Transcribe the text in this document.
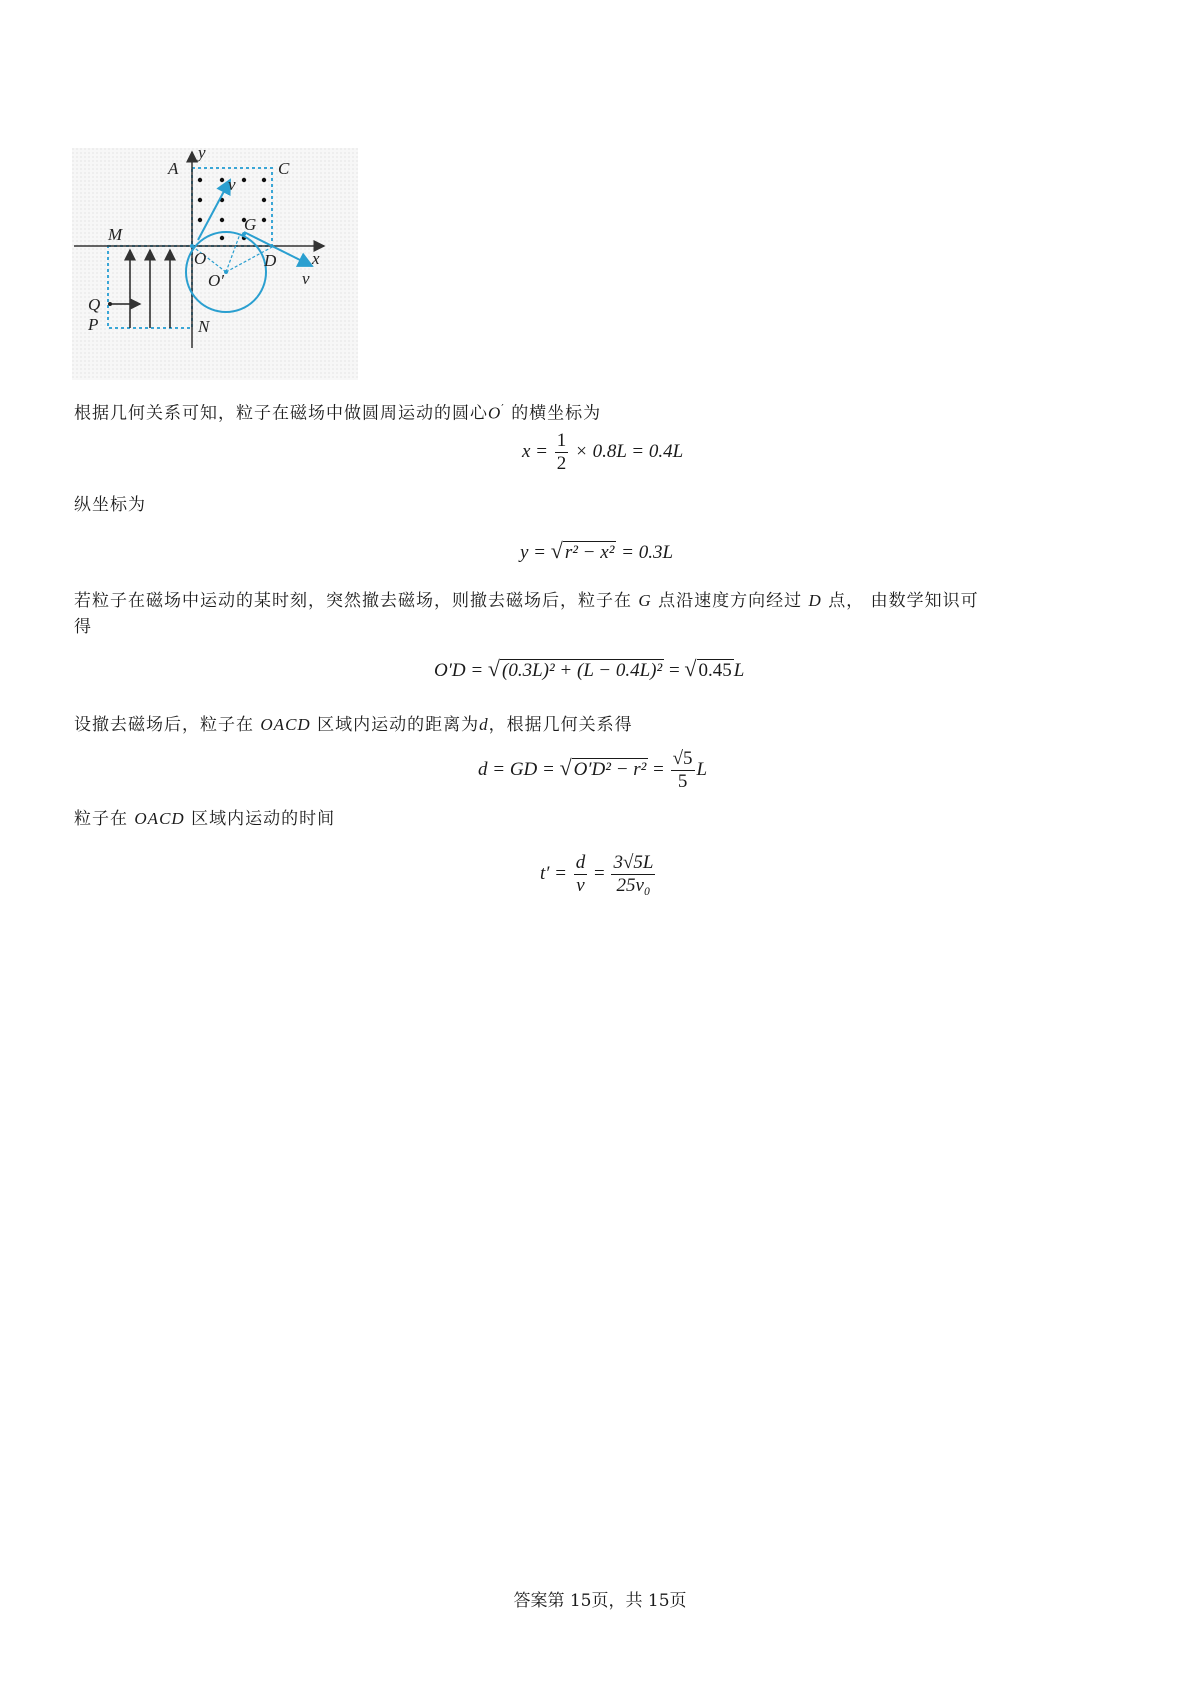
A	C
y
x
M
O
O′
D
G
v
v
Q
P	N
根据几何关系可知，粒子在磁场中做圆周运动的圆心O′ 的横坐标为
$x = \frac{1}{2} \times 0.8L = 0.4L$
纵坐标为
y = √ r² − x² = 0.3L
若粒子在磁场中运动的某时刻，突然撤去磁场，则撤去磁场后，粒子在 G 点沿速度方向经过 D 点， 由数学知识可
得
O′D = √ (0.3L)² + (L − 0.4L)² = √ 0.45 L
设撤去磁场后，粒子在 OACD 区域内运动的距离为d，根据几何关系得
d = GD = √ $O'D^2 - r^2 = \frac{√5}{5}$ L
粒子在 OACD 区域内运动的时间
$t' = \frac{d}{v} = \frac{3√5L}{\text{25v₀}}$
答案第 15页，共 15页
